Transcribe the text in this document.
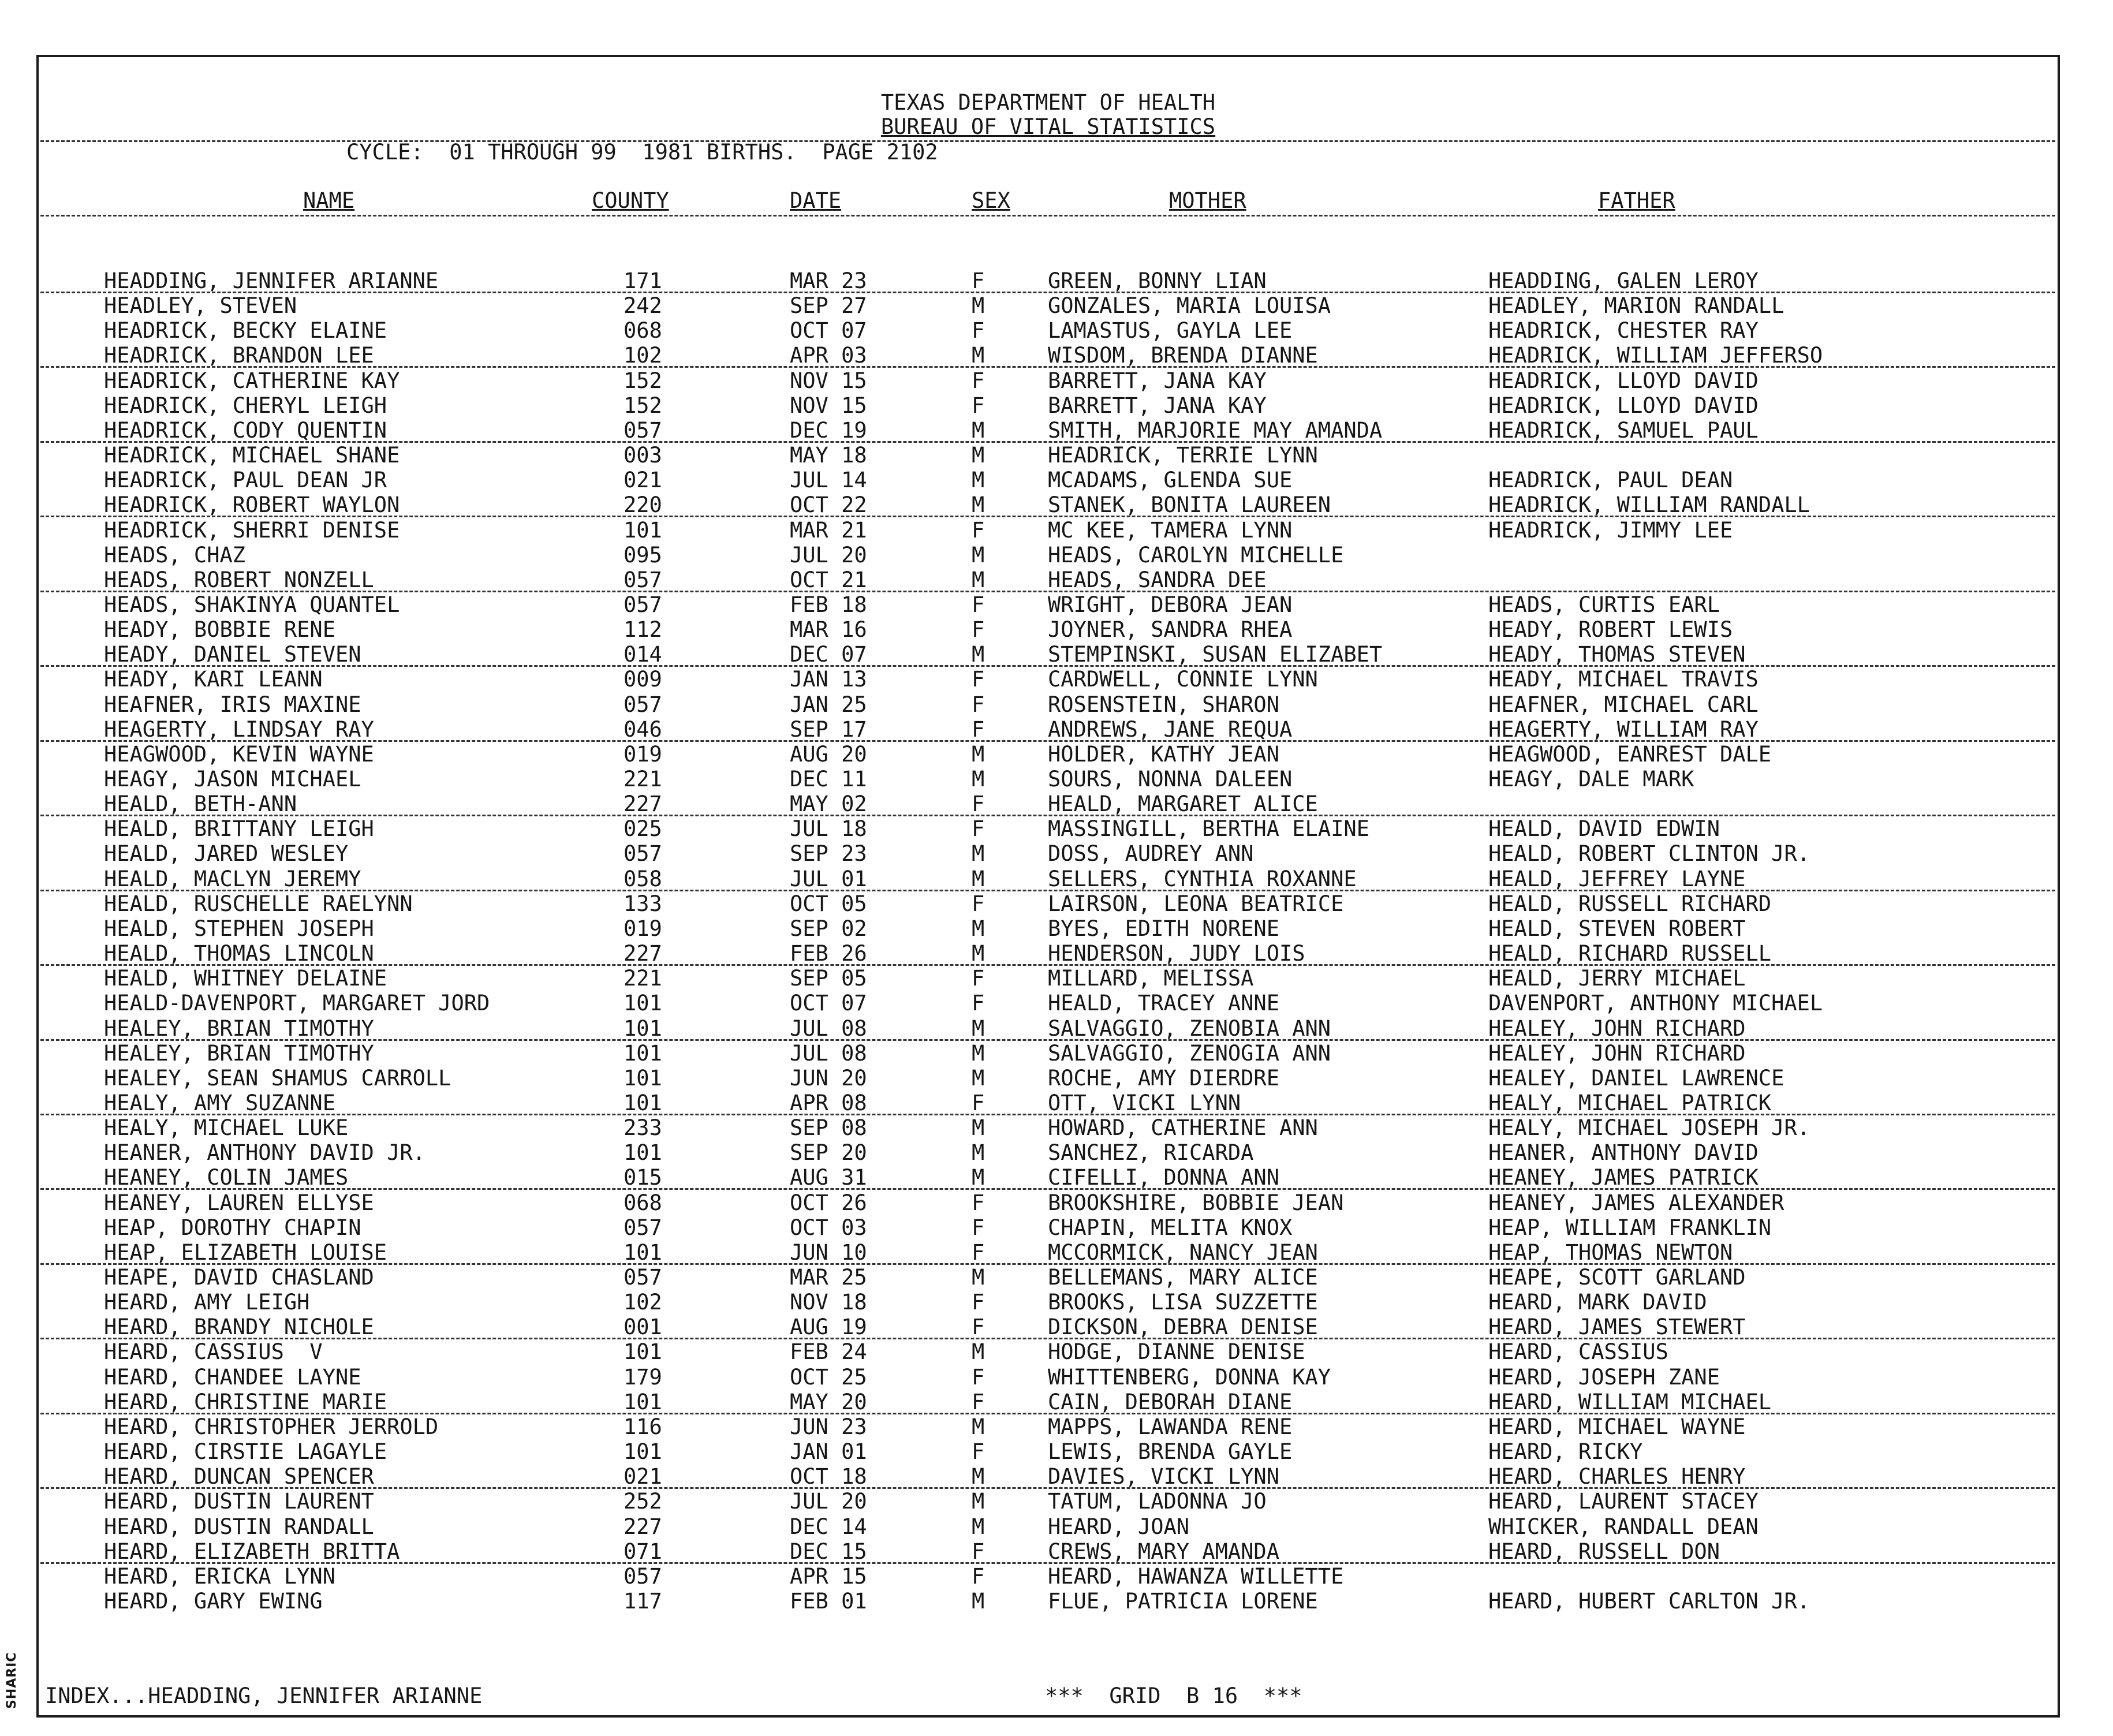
TEXAS DEPARTMENT OF HEALTH
BUREAU OF VITAL STATISTICS
CYCLE:  01 THROUGH 99  1981 BIRTHS.  PAGE 2102
NAME	COUNTY	DATE	SEX	MOTHER	FATHER
HEADDING, JENNIFER ARIANNE	171	MAR 23	F	GREEN, BONNY LIAN	HEADDING, GALEN LEROY
HEADLEY, STEVEN	242	SEP 27	M	GONZALES, MARIA LOUISA	HEADLEY, MARION RANDALL
HEADRICK, BECKY ELAINE	068	OCT 07	F	LAMASTUS, GAYLA LEE	HEADRICK, CHESTER RAY
HEADRICK, BRANDON LEE	102	APR 03	M	WISDOM, BRENDA DIANNE	HEADRICK, WILLIAM JEFFERSO
HEADRICK, CATHERINE KAY	152	NOV 15	F	BARRETT, JANA KAY	HEADRICK, LLOYD DAVID
HEADRICK, CHERYL LEIGH	152	NOV 15	F	BARRETT, JANA KAY	HEADRICK, LLOYD DAVID
HEADRICK, CODY QUENTIN	057	DEC 19	M	SMITH, MARJORIE MAY AMANDA	HEADRICK, SAMUEL PAUL
HEADRICK, MICHAEL SHANE	003	MAY 18	M	HEADRICK, TERRIE LYNN
HEADRICK, PAUL DEAN JR	021	JUL 14	M	MCADAMS, GLENDA SUE	HEADRICK, PAUL DEAN
HEADRICK, ROBERT WAYLON	220	OCT 22	M	STANEK, BONITA LAUREEN	HEADRICK, WILLIAM RANDALL
HEADRICK, SHERRI DENISE	101	MAR 21	F	MC KEE, TAMERA LYNN	HEADRICK, JIMMY LEE
HEADS, CHAZ	095	JUL 20	M	HEADS, CAROLYN MICHELLE
HEADS, ROBERT NONZELL	057	OCT 21	M	HEADS, SANDRA DEE
HEADS, SHAKINYA QUANTEL	057	FEB 18	F	WRIGHT, DEBORA JEAN	HEADS, CURTIS EARL
HEADY, BOBBIE RENE	112	MAR 16	F	JOYNER, SANDRA RHEA	HEADY, ROBERT LEWIS
HEADY, DANIEL STEVEN	014	DEC 07	M	STEMPINSKI, SUSAN ELIZABET	HEADY, THOMAS STEVEN
HEADY, KARI LEANN	009	JAN 13	F	CARDWELL, CONNIE LYNN	HEADY, MICHAEL TRAVIS
HEAFNER, IRIS MAXINE	057	JAN 25	F	ROSENSTEIN, SHARON	HEAFNER, MICHAEL CARL
HEAGERTY, LINDSAY RAY	046	SEP 17	F	ANDREWS, JANE REQUA	HEAGERTY, WILLIAM RAY
HEAGWOOD, KEVIN WAYNE	019	AUG 20	M	HOLDER, KATHY JEAN	HEAGWOOD, EANREST DALE
HEAGY, JASON MICHAEL	221	DEC 11	M	SOURS, NONNA DALEEN	HEAGY, DALE MARK
HEALD, BETH-ANN	227	MAY 02	F	HEALD, MARGARET ALICE
HEALD, BRITTANY LEIGH	025	JUL 18	F	MASSINGILL, BERTHA ELAINE	HEALD, DAVID EDWIN
HEALD, JARED WESLEY	057	SEP 23	M	DOSS, AUDREY ANN	HEALD, ROBERT CLINTON JR.
HEALD, MACLYN JEREMY	058	JUL 01	M	SELLERS, CYNTHIA ROXANNE	HEALD, JEFFREY LAYNE
HEALD, RUSCHELLE RAELYNN	133	OCT 05	F	LAIRSON, LEONA BEATRICE	HEALD, RUSSELL RICHARD
HEALD, STEPHEN JOSEPH	019	SEP 02	M	BYES, EDITH NORENE	HEALD, STEVEN ROBERT
HEALD, THOMAS LINCOLN	227	FEB 26	M	HENDERSON, JUDY LOIS	HEALD, RICHARD RUSSELL
HEALD, WHITNEY DELAINE	221	SEP 05	F	MILLARD, MELISSA	HEALD, JERRY MICHAEL
HEALD-DAVENPORT, MARGARET JORD	101	OCT 07	F	HEALD, TRACEY ANNE	DAVENPORT, ANTHONY MICHAEL
HEALEY, BRIAN TIMOTHY	101	JUL 08	M	SALVAGGIO, ZENOBIA ANN	HEALEY, JOHN RICHARD
HEALEY, BRIAN TIMOTHY	101	JUL 08	M	SALVAGGIO, ZENOGIA ANN	HEALEY, JOHN RICHARD
HEALEY, SEAN SHAMUS CARROLL	101	JUN 20	M	ROCHE, AMY DIERDRE	HEALEY, DANIEL LAWRENCE
HEALY, AMY SUZANNE	101	APR 08	F	OTT, VICKI LYNN	HEALY, MICHAEL PATRICK
HEALY, MICHAEL LUKE	233	SEP 08	M	HOWARD, CATHERINE ANN	HEALY, MICHAEL JOSEPH JR.
HEANER, ANTHONY DAVID JR.	101	SEP 20	M	SANCHEZ, RICARDA	HEANER, ANTHONY DAVID
HEANEY, COLIN JAMES	015	AUG 31	M	CIFELLI, DONNA ANN	HEANEY, JAMES PATRICK
HEANEY, LAUREN ELLYSE	068	OCT 26	F	BROOKSHIRE, BOBBIE JEAN	HEANEY, JAMES ALEXANDER
HEAP, DOROTHY CHAPIN	057	OCT 03	F	CHAPIN, MELITA KNOX	HEAP, WILLIAM FRANKLIN
HEAP, ELIZABETH LOUISE	101	JUN 10	F	MCCORMICK, NANCY JEAN	HEAP, THOMAS NEWTON
HEAPE, DAVID CHASLAND	057	MAR 25	M	BELLEMANS, MARY ALICE	HEAPE, SCOTT GARLAND
HEARD, AMY LEIGH	102	NOV 18	F	BROOKS, LISA SUZZETTE	HEARD, MARK DAVID
HEARD, BRANDY NICHOLE	001	AUG 19	F	DICKSON, DEBRA DENISE	HEARD, JAMES STEWERT
HEARD, CASSIUS  V	101	FEB 24	M	HODGE, DIANNE DENISE	HEARD, CASSIUS
HEARD, CHANDEE LAYNE	179	OCT 25	F	WHITTENBERG, DONNA KAY	HEARD, JOSEPH ZANE
HEARD, CHRISTINE MARIE	101	MAY 20	F	CAIN, DEBORAH DIANE	HEARD, WILLIAM MICHAEL
HEARD, CHRISTOPHER JERROLD	116	JUN 23	M	MAPPS, LAWANDA RENE	HEARD, MICHAEL WAYNE
HEARD, CIRSTIE LAGAYLE	101	JAN 01	F	LEWIS, BRENDA GAYLE	HEARD, RICKY
HEARD, DUNCAN SPENCER	021	OCT 18	M	DAVIES, VICKI LYNN	HEARD, CHARLES HENRY
HEARD, DUSTIN LAURENT	252	JUL 20	M	TATUM, LADONNA JO	HEARD, LAURENT STACEY
HEARD, DUSTIN RANDALL	227	DEC 14	M	HEARD, JOAN	WHICKER, RANDALL DEAN
HEARD, ELIZABETH BRITTA	071	DEC 15	F	CREWS, MARY AMANDA	HEARD, RUSSELL DON
HEARD, ERICKA LYNN	057	APR 15	F	HEARD, HAWANZA WILLETTE
HEARD, GARY EWING	117	FEB 01	M	FLUE, PATRICIA LORENE	HEARD, HUBERT CARLTON JR.
INDEX...HEADDING, JENNIFER ARIANNE	***  GRID  B 16  ***
SHARIC
